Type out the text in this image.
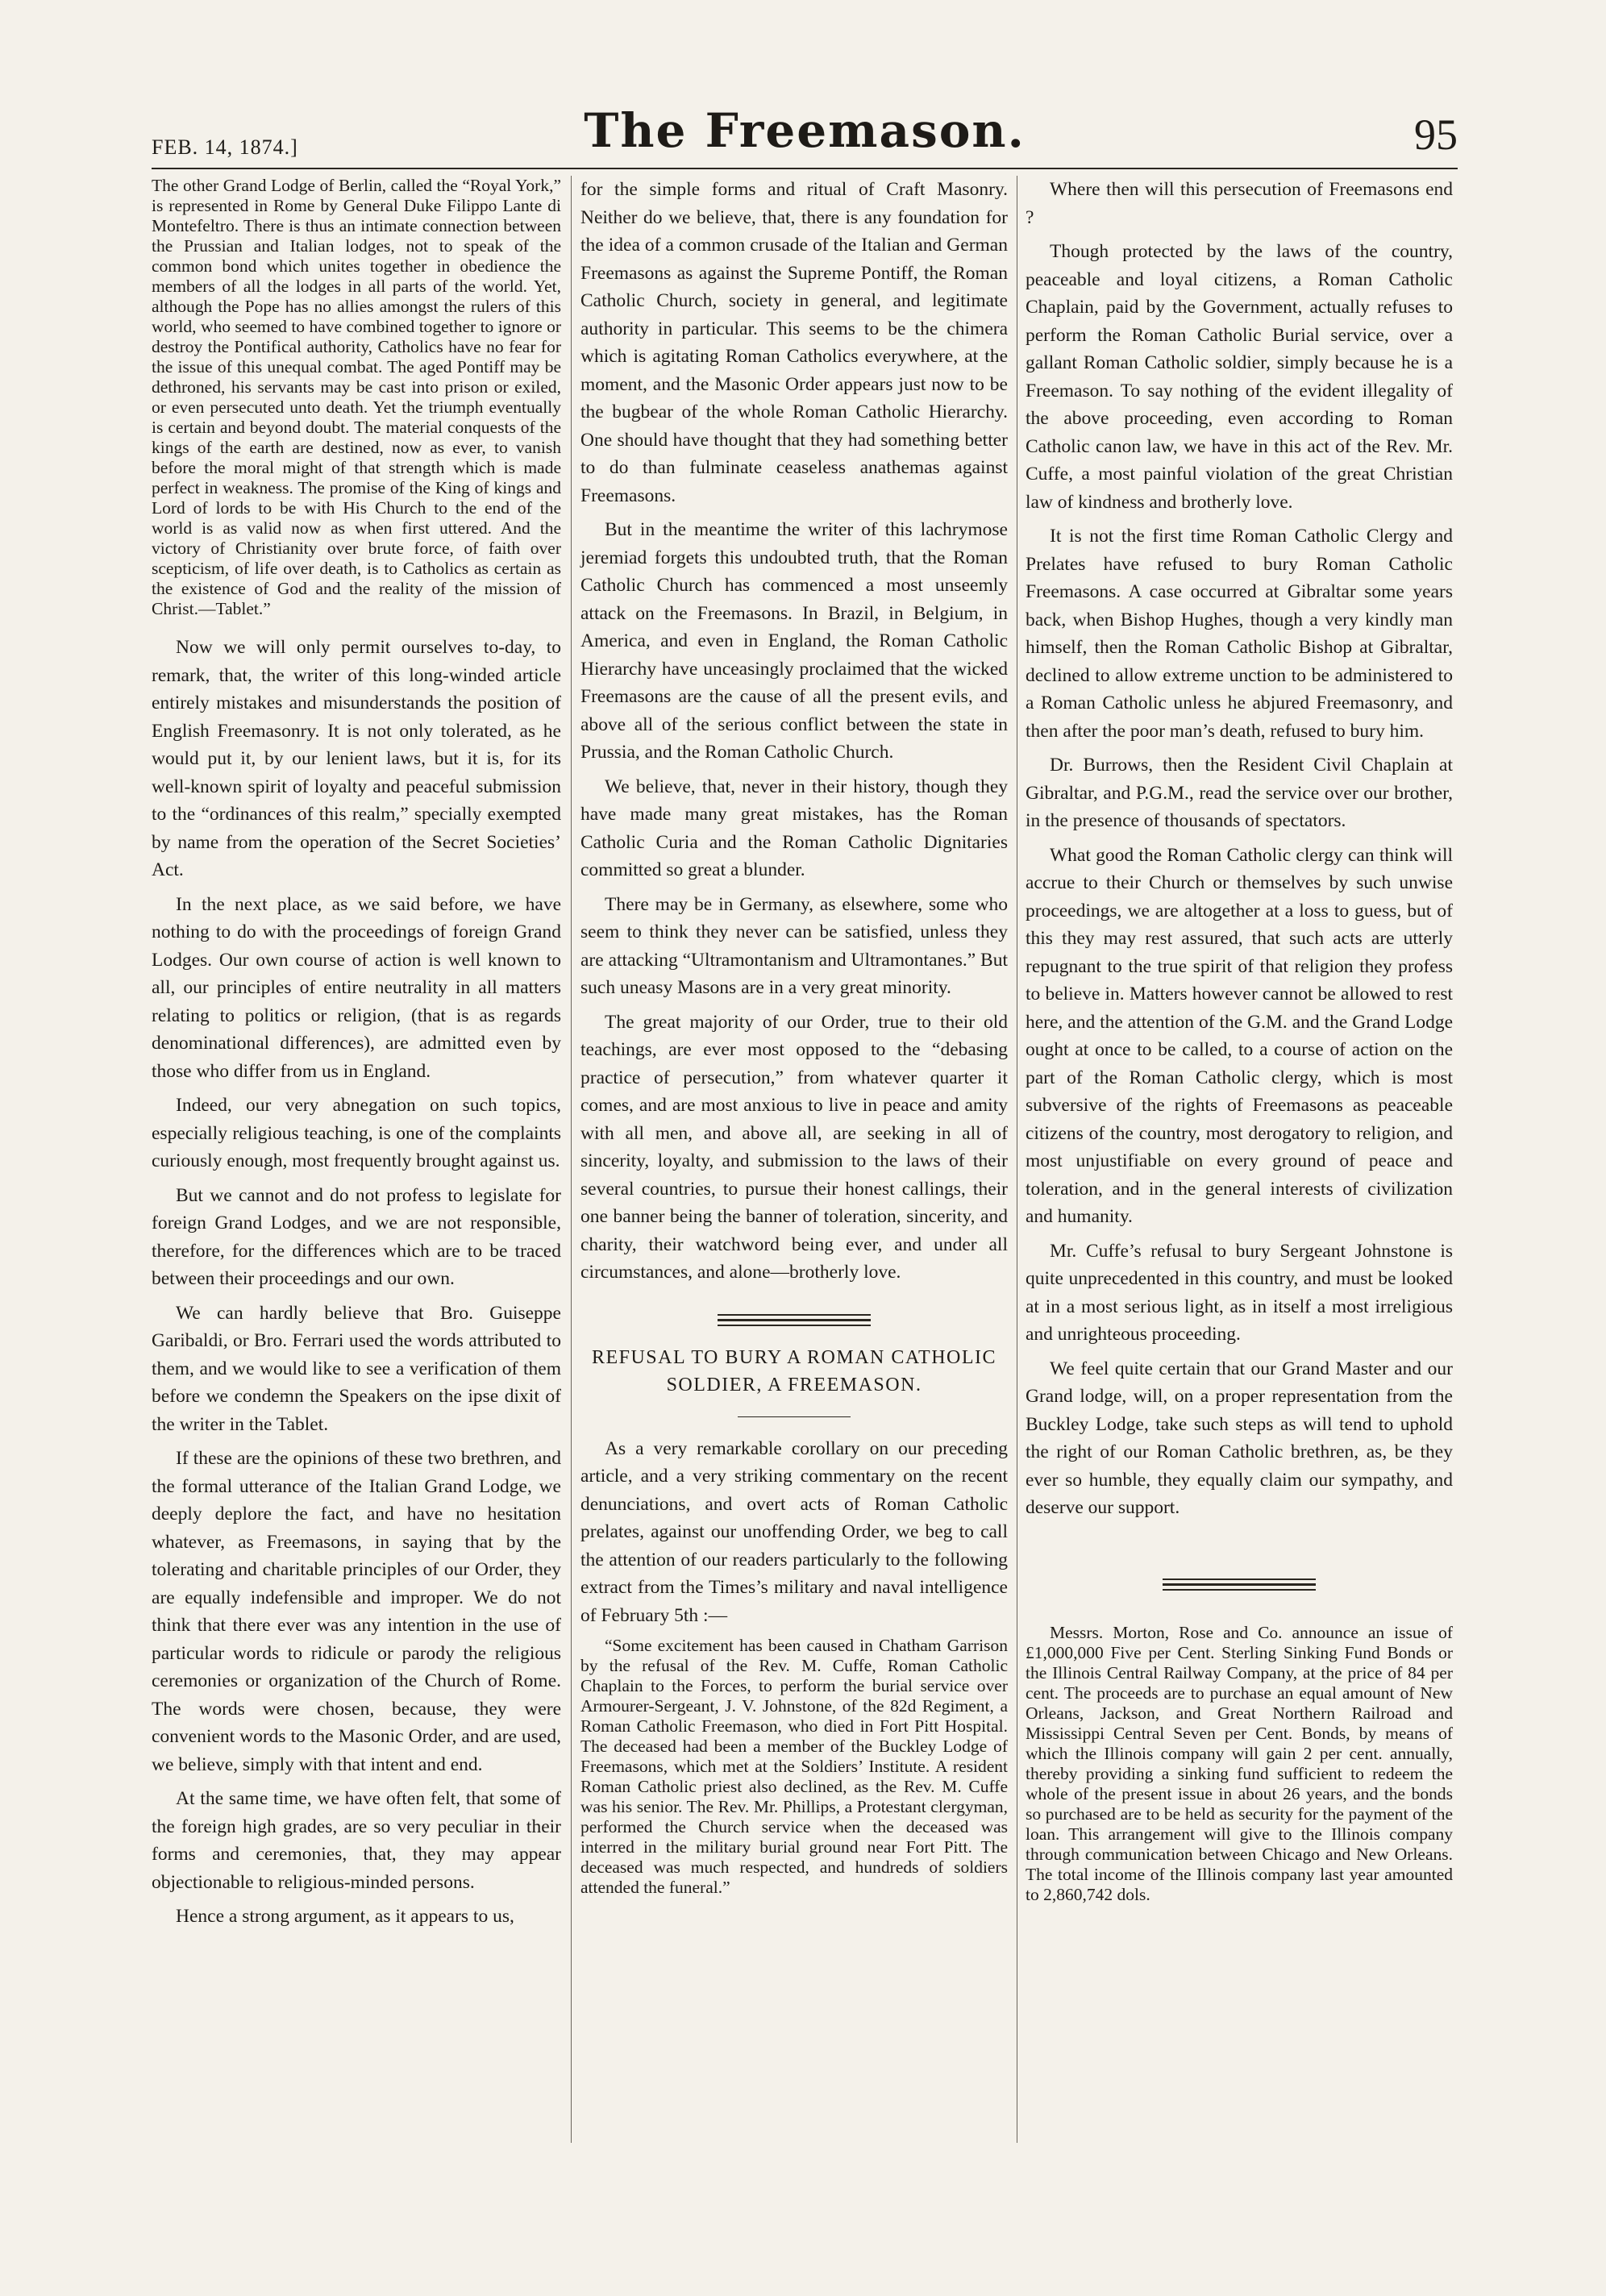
FEB. 14, 1874.]	The Freemason.	95

The other Grand Lodge of Berlin, called the “Royal York,” is represented in Rome by General Duke Filippo Lante di Montefeltro. There is thus an intimate connection between the Prussian and Italian lodges, not to speak of the common bond which unites together in obedience the members of all the lodges in all parts of the world. Yet, although the Pope has no allies amongst the rulers of this world, who seemed to have combined together to ignore or destroy the Pontifical authority, Catholics have no fear for the issue of this unequal combat. The aged Pontiff may be dethroned, his servants may be cast into prison or exiled, or even persecuted unto death. Yet the triumph eventually is certain and beyond doubt. The material conquests of the kings of the earth are destined, now as ever, to vanish before the moral might of that strength which is made perfect in weakness. The promise of the King of kings and Lord of lords to be with His Church to the end of the world is as valid now as when first uttered. And the victory of Christianity over brute force, of faith over scepticism, of life over death, is to Catholics as certain as the existence of God and the reality of the mission of Christ.—Tablet.”

Now we will only permit ourselves to-day, to remark, that, the writer of this long-winded article entirely mistakes and misunderstands the position of English Freemasonry. It is not only tolerated, as he would put it, by our lenient laws, but it is, for its well-known spirit of loyalty and peaceful submission to the “ordinances of this realm,” specially exempted by name from the operation of the Secret Societies’ Act.

In the next place, as we said before, we have nothing to do with the proceedings of foreign Grand Lodges. Our own course of action is well known to all, our principles of entire neutrality in all matters relating to politics or religion, (that is as regards denominational differences), are admitted even by those who differ from us in England.

Indeed, our very abnegation on such topics, especially religious teaching, is one of the complaints curiously enough, most frequently brought against us.

But we cannot and do not profess to legislate for foreign Grand Lodges, and we are not responsible, therefore, for the differences which are to be traced between their proceedings and our own.

We can hardly believe that Bro. Guiseppe Garibaldi, or Bro. Ferrari used the words attributed to them, and we would like to see a verification of them before we condemn the Speakers on the ipse dixit of the writer in the Tablet.

If these are the opinions of these two brethren, and the formal utterance of the Italian Grand Lodge, we deeply deplore the fact, and have no hesitation whatever, as Freemasons, in saying that by the tolerating and charitable principles of our Order, they are equally indefensible and improper. We do not think that there ever was any intention in the use of particular words to ridicule or parody the religious ceremonies or organization of the Church of Rome. The words were chosen, because, they were convenient words to the Masonic Order, and are used, we believe, simply with that intent and end.

At the same time, we have often felt, that some of the foreign high grades, are so very peculiar in their forms and ceremonies, that, they may appear objectionable to religious-minded persons.

Hence a strong argument, as it appears to us,

for the simple forms and ritual of Craft Masonry. Neither do we believe, that, there is any foundation for the idea of a common crusade of the Italian and German Freemasons as against the Supreme Pontiff, the Roman Catholic Church, society in general, and legitimate authority in particular. This seems to be the chimera which is agitating Roman Catholics everywhere, at the moment, and the Masonic Order appears just now to be the bugbear of the whole Roman Catholic Hierarchy. One should have thought that they had something better to do than fulminate ceaseless anathemas against Freemasons.

But in the meantime the writer of this lachrymose jeremiad forgets this undoubted truth, that the Roman Catholic Church has commenced a most unseemly attack on the Freemasons. In Brazil, in Belgium, in America, and even in England, the Roman Catholic Hierarchy have unceasingly proclaimed that the wicked Freemasons are the cause of all the present evils, and above all of the serious conflict between the state in Prussia, and the Roman Catholic Church.

We believe, that, never in their history, though they have made many great mistakes, has the Roman Catholic Curia and the Roman Catholic Dignitaries committed so great a blunder.

There may be in Germany, as elsewhere, some who seem to think they never can be satisfied, unless they are attacking “Ultramontanism and Ultramontanes.” But such uneasy Masons are in a very great minority.

The great majority of our Order, true to their old teachings, are ever most opposed to the “debasing practice of persecution,” from whatever quarter it comes, and are most anxious to live in peace and amity with all men, and above all, are seeking in all of sincerity, loyalty, and submission to the laws of their several countries, to pursue their honest callings, their one banner being the banner of toleration, sincerity, and charity, their watchword being ever, and under all circumstances, and alone—brotherly love.

REFUSAL TO BURY A ROMAN CATHOLIC SOLDIER, A FREEMASON.

As a very remarkable corollary on our preceding article, and a very striking commentary on the recent denunciations, and overt acts of Roman Catholic prelates, against our unoffending Order, we beg to call the attention of our readers particularly to the following extract from the Times’s military and naval intelligence of February 5th :—

“Some excitement has been caused in Chatham Garrison by the refusal of the Rev. M. Cuffe, Roman Catholic Chaplain to the Forces, to perform the burial service over Armourer-Sergeant, J. V. Johnstone, of the 82d Regiment, a Roman Catholic Freemason, who died in Fort Pitt Hospital. The deceased had been a member of the Buckley Lodge of Freemasons, which met at the Soldiers’ Institute. A resident Roman Catholic priest also declined, as the Rev. M. Cuffe was his senior. The Rev. Mr. Phillips, a Protestant clergyman, performed the Church service when the deceased was interred in the military burial ground near Fort Pitt. The deceased was much respected, and hundreds of soldiers attended the funeral.”

Where then will this persecution of Freemasons end ?

Though protected by the laws of the country, peaceable and loyal citizens, a Roman Catholic Chaplain, paid by the Government, actually refuses to perform the Roman Catholic Burial service, over a gallant Roman Catholic soldier, simply because he is a Freemason. To say nothing of the evident illegality of the above proceeding, even according to Roman Catholic canon law, we have in this act of the Rev. Mr. Cuffe, a most painful violation of the great Christian law of kindness and brotherly love.

It is not the first time Roman Catholic Clergy and Prelates have refused to bury Roman Catholic Freemasons. A case occurred at Gibraltar some years back, when Bishop Hughes, though a very kindly man himself, then the Roman Catholic Bishop at Gibraltar, declined to allow extreme unction to be administered to a Roman Catholic unless he abjured Freemasonry, and then after the poor man’s death, refused to bury him.

Dr. Burrows, then the Resident Civil Chaplain at Gibraltar, and P.G.M., read the service over our brother, in the presence of thousands of spectators.

What good the Roman Catholic clergy can think will accrue to their Church or themselves by such unwise proceedings, we are altogether at a loss to guess, but of this they may rest assured, that such acts are utterly repugnant to the true spirit of that religion they profess to believe in. Matters however cannot be allowed to rest here, and the attention of the G.M. and the Grand Lodge ought at once to be called, to a course of action on the part of the Roman Catholic clergy, which is most subversive of the rights of Freemasons as peaceable citizens of the country, most derogatory to religion, and most unjustifiable on every ground of peace and toleration, and in the general interests of civilization and humanity.

Mr. Cuffe’s refusal to bury Sergeant Johnstone is quite unprecedented in this country, and must be looked at in a most serious light, as in itself a most irreligious and unrighteous proceeding.

We feel quite certain that our Grand Master and our Grand lodge, will, on a proper representation from the Buckley Lodge, take such steps as will tend to uphold the right of our Roman Catholic brethren, as, be they ever so humble, they equally claim our sympathy, and deserve our support.

Messrs. Morton, Rose and Co. announce an issue of £1,000,000 Five per Cent. Sterling Sinking Fund Bonds or the Illinois Central Railway Company, at the price of 84 per cent. The proceeds are to purchase an equal amount of New Orleans, Jackson, and Great Northern Railroad and Mississippi Central Seven per Cent. Bonds, by means of which the Illinois company will gain 2 per cent. annually, thereby providing a sinking fund sufficient to redeem the whole of the present issue in about 26 years, and the bonds so purchased are to be held as security for the payment of the loan. This arrangement will give to the Illinois company through communication between Chicago and New Orleans. The total income of the Illinois company last year amounted to 2,860,742 dols.
